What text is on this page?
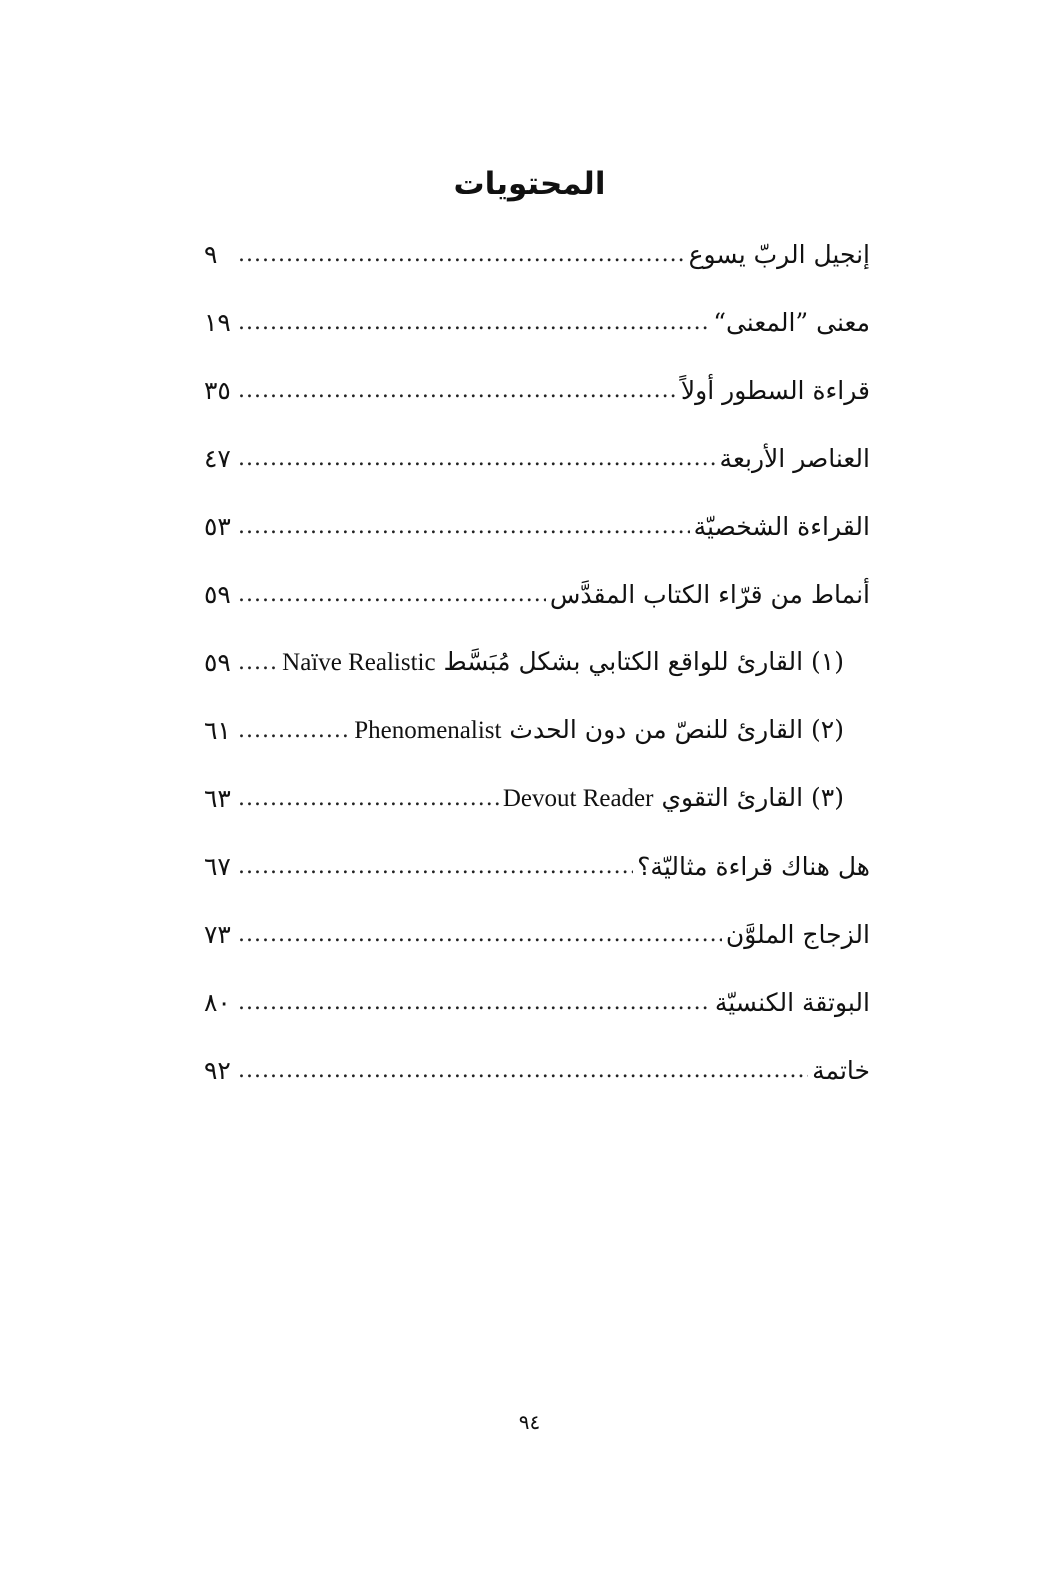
المحتويات
إنجيل الربّ يسوع
.....
٩
معنى ”المعنى“
.....
١٩
قراءة السطور أولاً
.....
٣٥
العناصر الأربعة
.....
٤٧
القراءة الشخصيّة
.....
٥٣
أنماط من قرّاء الكتاب المقدَّس
.....
٥٩
(١) القارئ للواقع الكتابي بشكل مُبَسَّط Naïve Realistic
.....
٥٩
(٢) القارئ للنصّ من دون الحدث Phenomenalist
.....
٦١
(٣) القارئ التقوي Devout Reader
.....
٦٣
هل هناك قراءة مثاليّة؟
.....
٦٧
الزجاج الملوَّن
.....
٧٣
البوتقة الكنسيّة
.....
٨٠
خاتمة
.....
٩٢
٩٤
